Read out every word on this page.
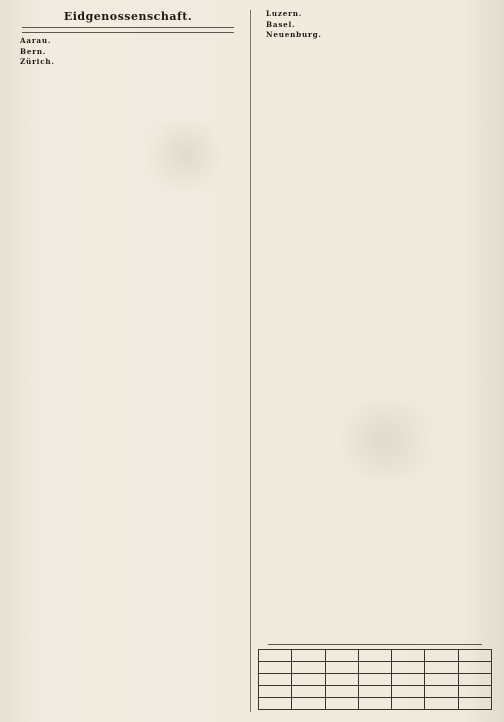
Eidgenossenschaft.

Aarau.

Bern.

Zürich.

Luzern.

Basel.

Neuenburg.
